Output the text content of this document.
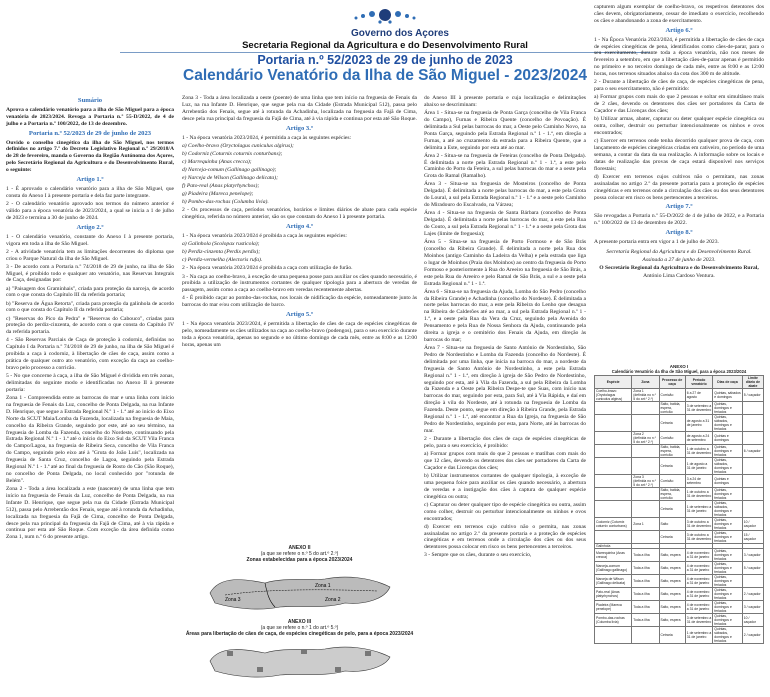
Governo dos Açores
Secretaria Regional da Agricultura e do Desenvolvimento Rural
Portaria n.º 52/2023 de 29 de junho de 2023
Calendário Venatório da Ilha de São Miguel - 2023/2024
Sumário

Aprova o calendário venatório para a ilha de São Miguel para a época venatória de 2023/2024. Revoga a Portaria n.º 55-D/2022, de 4 de julho e a Portaria n.º 100/2022, de 13 de dezembro.

Portaria n.º 52/2023 de 29 de junho de 2023

Ouvido o conselho cinegético da ilha de São Miguel, nos termos definidos no artigo 7.º do Decreto Legislativo Regional n.º 29/2018/A de 28 de fevereiro, manda o Governo da Região Autónoma dos Açores, pelo Secretário Regional da Agricultura e do Desenvolvimento Rural, o seguinte:

Artigo 1.º

1 - É aprovado o calendário venatório para a ilha de São Miguel, que consta do Anexo I à presente portaria e dela faz parte integrante.

2 - O calendário venatório aprovado nos termos do número anterior é válido para a época venatória de 2023/2024, a qual se inicia a 1 de julho de 2023 e termina a 30 de junho de 2024.

Artigo 2.º

1 - O calendário venatório, constante do Anexo I à presente portaria, vigora em toda a ilha de São Miguel.

2 - A atividade venatória tem as limitações decorrentes do diploma que criou o Parque Natural da ilha de São Miguel.

3 - De acordo com a Portaria n.º 74/2018 de 29 de junho, na ilha de São Miguel, é proibido todo e qualquer ato venatório, nas Reservas Integrais de Caça, designadas por:

a) "Paisagem dos Graminhais", criada para proteção da narceja, de acordo com o que consta do Capítulo III da referida portaria;

b) "Reserva de Água Retorta", criada para proteção da galinhola de acordo com o que consta do Capítulo II da referida portaria;

c) "Reservas do Pico da Pedra" e "Reservas do Cabouco", criadas para proteção do perdiz-cinzenta, de acordo com o que consta do Capítulo IV da referida portaria.

4 - São Reservas Parciais de Caça de proteção à codorniz, definidas no Capítulo I da Portaria n.º 74/2018 de 29 de junho, na ilha de São Miguel é proibida a caça à codorniz, à libertação de cães de caça, assim como a prática de qualquer outro ato venatório, com exceção da caça ao coelho-bravo pelo processo a corricão.

5 - No que concerne à caça, a ilha de São Miguel é dividida em três zonas, delimitadas do seguinte modo e identificadas no Anexo II à presente portaria:

Zona 1 - Compreendida entre as barrocas do mar e uma linha com início na freguesia de Fenais da Luz, concelho de Ponta Delgada, na rua Infante D. Henrique, que segue a Estrada Regional N.º 1 - 1.ª até ao início do Eixo Norte da SCUT Maia/Lomba da Fazenda, localizada na freguesia de Maia, concelho da Ribeira Grande, seguindo por este, até ao seu término, na freguesia de Lomba da Fazenda, concelho do Nordeste, continuando pela Estrada Regional N.º 1 - 1.ª até o início do Eixo Sul da SCUT Vila Franca do Campo/Lagoa, na freguesia de Ribeira Seca, concelho de Vila Franca do Campo, seguindo pelo eixo até à "Gruta do João Luís", localizada na freguesia de Santa Cruz, concelho de Lagoa, seguindo pela Estrada Regional N.º 1 - 1.ª até ao final da freguesia de Rosto do Cão (São Roque), no concelho de Ponta Delgada, no local conhecido por "rotunda de Belém".

Zona 2 - Toda a área localizada a este (nascente) de uma linha que tem início na freguesia de Fenais da Luz, concelho de Ponta Delgada, na rua Infante D. Henrique, que segue pela rua da Cidade (Estrada Municipal 512), passa pelo Arrebentão dos Fenais, segue até à rotunda da Achadinha, localizada na freguesia da Fajã de Cima, concelho de Ponta Delgada, desce pela rua principal da freguesia da Fajã de Cima, até à via rápida e continua por esta até São Roque. Com exceção da área definida como Zona 1, num n.º 6 do presente artigo.

Zona 3 - Toda a área localizada a oeste (poente) de uma linha que tem início na freguesia de Fenais da Luz, na rua Infante D. Henrique, que segue pela rua da Cidade (Estrada Municipal 512), passa pelo Arrebentão dos Fenais, segue até à rotunda da Achadinha, localizada na freguesia da Fajã de Cima, desce pela rua principal da freguesia da Fajã de Cima, até à via rápida e continua por esta até São Roque.

Artigo 3.º

1 - Na época venatória 2023/2024, é permitida a caça às seguintes espécies:

a) Coelho-bravo (Oryctolagus cuniculus algirus);

b) Codorniz (Coturnix coturnix conturbans);

c) Marrequinha (Anas crecca);

d) Narceja-comum (Gallinago gallinago);

e) Narceja de Wilson (Gallinago delicata);

f) Pato-real (Anas platyrhynchos);

g) Piadeira (Mareca penelope);

h) Pombo-das-rochas (Columba livia).

2 - Os processos de caça, períodos venatórios, horários e limites diários de abate para cada espécie cinegética, referida no número anterior, são os que constam do Anexo I à presente portaria.

Artigo 4.º

1 - Na época venatória 2023/2024 é proibida a caça às seguintes espécies:

a) Galinhola (Scolopax rusticola);

b) Perdiz-cinzenta (Perdix perdix);

c) Perdiz-vermelha (Alectoris rufa).

2 - Na época venatória 2023/2024 é proibida a caça com utilização de furão.

3 - Na caça ao coelho-bravo, à exceção de uma pequena posse para auxiliar os cães quando necessário, é proibida a utilização de instrumentos cortantes de qualquer tipologia para a abertura de veredas de passagem, assim como a caça ao coelho-bravo em veredas recentemente abertas.

4 - É proibido caçar ao pombo-das-rochas, nos locais de nidificação da espécie, nomeadamente junto às barrocas do mar e/ou com utilização de barco.

Artigo 5.º

1 - Na época venatória 2023/2024, é permitida a libertação de cães de caça de espécies cinegéticas de pelo, nomeadamente os cães utilizados na caça ao coelho-bravo (podengos), para o seu exercício durante toda a época venatória, apenas no segundo e no último domingo de cada mês, entre as 8:00 e as 12:00 horas, apenas um

ANEXO II
(a que se refere o n.º 5 do art.º 2.º)
Zonas estabelecidas para a época 2023/2024
Zona 1
Zona 2
Zona 3
ANEXO III
(a que se refere o n.º 1 do art.º 5.º)
Áreas para libertação de cães de caça, de espécies cinegéticas de pelo, para a época 2023/2024

do Anexo III à presente portaria e cuja localização e delimitações abaixo se descriminam:

Área 1 - Situa-se na freguesia de Ponta Garça (concelho de Vila Franca do Campo), Furnas e Ribeira Quente (concelho de Povoação). É delimitada a Sul pelas barrocas do mar, a Oeste pelo Caminho Novo, na Ponta Garça, seguindo pela Estrada Regional n.º 1 - 1.ª, em direção a Furnas, a até ao cruzamento da estrada para a Ribeira Quente, que a delimita a Este, seguindo por esta até ao mar.

Área 2 - Situa-se na freguesia de Feteiras (concelho de Ponta Delgada). É delimitada a norte pela Estrada Regional n.º 1 - 1.ª, a este pelo Caminho do Porto da Feteira, a sul pelas barrocas do mar e a oeste pela Grota do Ramal (Ramalho).

Área 3 - Situa-se na freguesia de Mosteiros (concelho de Ponta Delgada). É delimitada a norte pelas barrocas do mar, a este pela Grota do Loural, a sul pela Estrada Regional n.º 1 - 1.ª e a oeste pelo Caminho do Miradouro do Escalvado, na Várzea;

Área 4 - Situa-se na freguesia de Santa Bárbara (concelho de Ponta Delgada). É delimitada a norte pelas barrocas do mar, a este pela Rua do Couto, a sul pela Estrada Regional n.º 1 - 1.ª e a oeste pela Grota das Lajes (limite de freguesia);

Área 5 - Situa-se na freguesia de Porto Formoso e de São Brás (concelho da Ribeira Grande). É delimitada a norte pela Rua dos Moinhos (antigo Caminho da Ladeira da Velha) e pela estrada que liga o lugar de Moinhos (Praia dos Moinhos) ao centro da freguesia do Porto Formoso e posteriormente à Rua do Areeiro na freguesia de São Brás, a este pela Rua do Areeiro e pelo Ramal de São Brás, a sul e a oeste pela Estrada Regional n.º 1 - 1.ª.

Área 6 - Situa-se na freguesia da Ajuda, Lomba do São Pedro (concelho da Ribeira Grande) e Achadinha (concelho do Nordeste). É delimitada a norte pelas barrocas do mar, a este pela Ribeira do Lenho que desagua na Ribeira de Calderões até ao mar, a sul pela Estrada Regional n.º 1 - 1.ª, e a oeste pela Rua da Vera da Cruz, seguindo pela Avenida do Pensamento e pela Rua de Nossa Senhora da Ajuda, continuando pela direita a igreja e o cemitério dos Fenais da Ajuda, em direção às barrocas do mar;

Área 7 - Situa-se na freguesia de Santo António de Nordestinho, São Pedro de Nordestinho e Lomba da Fazenda (concelho do Nordeste). É delimitada por uma linha, que inicia na barroca do mar, a nordeste da freguesia de Santo António de Nordestinho, a este pela Estrada Regional n.º 1 - 1.ª, em direção à igreja de São Pedro de Nordestinho, seguindo por esta, até à Vila da Fazenda, a sul pela Ribeira da Lomba da Fazenda e a Oeste pela Ribeira Despe-te que Suas, com início nas barrocas do mar, seguindo por esta, para Sul, até à Via Rápida, e daí em direção à vila do Nordeste, até à rotunda na freguesia de Lomba da Fazenda. Deste ponto, segue em direção à Ribeira Grande, pela Estrada Regional n.º 1 - 1.ª, até encontrar a Rua da Igreja, na freguesia de São Pedro de Nordestinho, seguindo por esta, para Norte, até às barrocas do mar.

2 - Durante a libertação dos cães de caça de espécies cinegéticas de pelo, para o seu exercício, é proibido:

a) Formar grupos com mais do que 2 pessoas e matilhas com mais do que 12 cães, devendo os detentores dos cães ser portadores da Carta de Caçador e das Licenças dos cães;

b) Utilizar instrumentos cortantes de qualquer tipologia, à exceção de uma pequena foice para auxiliar os cães quando necessário, a abertura de veredas e a instigação dos cães à captura de qualquer espécie cinegética ou outra;

c) Capturar ou deter qualquer tipo de espécie cinegética ou outra, assim como colher, destruir ou perturbar intencionalmente os ninhos e ovos encontrados;

d) Exercer em terrenos cujo cultivo não o permita, nas zonas assinaladas no artigo 2.º da presente portaria e a proteção de espécies cinegéticas e em terrenos onde a circulação dos cães ou dos seus detentores possa colocar em risco os bens pertencentes a terceiros.

3 - Sempre que os cães, durante o seu exercício,

capturem algum exemplar de coelho-bravo, os respetivos detentores dos cães devem, obrigatoriamente, cessar de imediato o exercício, recolhendo os cães e abandonando a zona de exercitamento.

Artigo 6.º

1 - Na Época Venatória 2023/2024, é permitida a libertação de cães de caça de espécies cinegéticas de pena, identificados como cães-de-parar, para o seu exercitamento, durante toda a época venatória, não nos meses de fevereiro a setembro, em que a libertação cães-de-parar apenas é permitido no primeiro e no terceiro domingo de cada mês, entre as 8:00 e as 12:00 horas, nos terrenos situados abaixo da cota dos 300 m de altitude.

2 - Durante a libertação de cães de caça, de espécies cinegéticas de pena, para o seu exercitamento, não é permitido:

a) Formar grupos com mais do que 2 pessoas e soltar em simultâneo mais de 2 cães, devendo os detentores dos cães ser portadores da Carta de Caçador e das Licenças dos cães;

b) Utilizar armas, abater, capturar ou deter qualquer espécie cinegética ou outra, colher, destruir ou perturbar intencionalmente os ninhos e ovos encontrados;

c) Exercer em terrenos onde tenha decorrido qualquer prova de caça, com lançamento de espécies cinegéticas criadas em cativeiro, no período de uma semana, a contar da data da sua realização. A informação sobre os locais e datas de realização das provas de caça estará disponível nos serviços florestais;

d) Exercer em terrenos cujos cultivos não o permitam, nas zonas assinaladas no artigo 2.º da presente portaria para a proteção de espécies cinegéticas e em terrenos onde a circulação dos cães ou dos seus detentores possa colocar em risco os bens pertencentes a terceiros.

Artigo 7.º

São revogadas a Portaria n.º 55-D/2022 de 4 de julho de 2022, e a Portaria n.º 100/2022 de 13 de dezembro de 2022.

Artigo 8.º

A presente portaria entra em vigor a 1 de julho de 2023.

Secretaria Regional da Agricultura e do Desenvolvimento Rural.

Assinada a 27 de junho de 2023.

O Secretário Regional da Agricultura e do Desenvolvimento Rural,

António Lima Cardoso Ventura.

ANEXO I
Calendário Venatório da Ilha de São Miguel, para a época 2023/2024
Espécie	Zona	Processo de caça	Período venatório	Dias de caça	Limite diário de abate
Coelho-bravo (Oryctolagus cuniculus algirus)	Zona 1 (definida no n.º 5 do art.º 2.º)	Corricão	6 a 27 de agosto	Quintas, sábados e domingos	5 / caçador
		Salto, batida, espera, corricão	3 de setembro a 31 de dezembro	Quintas, domingos e feriados	
		Cetraria	de agosto a 31 de janeiro	Quintas, sábados, domingos e feriados	
	Zona 2 (definida no n.º 5 do art.º 2.º)	Corricão	de agosto a 24 de setembro	Quintas e domingos	
		Salto, batida, espera, corricão	1 de outubro a 31 de dezembro	Quintas, domingos e feriados	6 / caçador
		Cetraria	1 de agosto a 31 de janeiro	Quintas, sábados, domingos e feriados	
	Zona 3 (definida no n.º 5 do art.º 2.º)	Corricão	3 a 24 de setembro	Quintas e domingos	
		Salto, batida, espera, corricão	1 de outubro a 31 de dezembro	Quintas, domingos e feriados	
		Cetraria	1 de setembro a 31 de janeiro	Quintas, sábados, domingos e feriados	
Codorniz (Coturnix coturnix conturbans)	Zona 1	Salto	3 de outubro a 31 de dezembro	Quintas, domingos e feriados	10 / caçador
		Cetraria	3 de outubro a 31 de dezembro	Quintas, domingos e feriados	15 / caçador
Galinhola					
Marrequinha (Anas crecca)	Toda a ilha	Salto, espera	4 de novembro a 31 de janeiro	Quintas, domingos e feriados	3 / caçador
Narceja-comum (Gallinago gallinago)	Toda a ilha	Salto, espera	4 de novembro a 31 de janeiro	Quintas, domingos e feriados	5 / caçador
Narceja de Wilson (Gallinago delicata)	Toda a ilha	Salto, espera	4 de novembro a 31 de janeiro	Quintas, domingos e feriados	
Pato-real (Anas platyrhynchos)	Toda a ilha	Salto, espera	4 de novembro a 31 de janeiro	Quintas, domingos e feriados	2 / caçador
Piadeira (Mareca penelope)	Toda a ilha	Salto, espera	4 de novembro a 31 de janeiro	Quintas, domingos e feriados	3 / caçador
Pombo-das-rochas (Columba livia)	Toda a ilha	Salto, espera	3 de setembro a 31 de dezembro	Quintas, domingos e feriados	10 / caçador
		Cetraria	1 de setembro a 31 de janeiro	Quintas, sábados, domingos e feriados	2 / caçador
